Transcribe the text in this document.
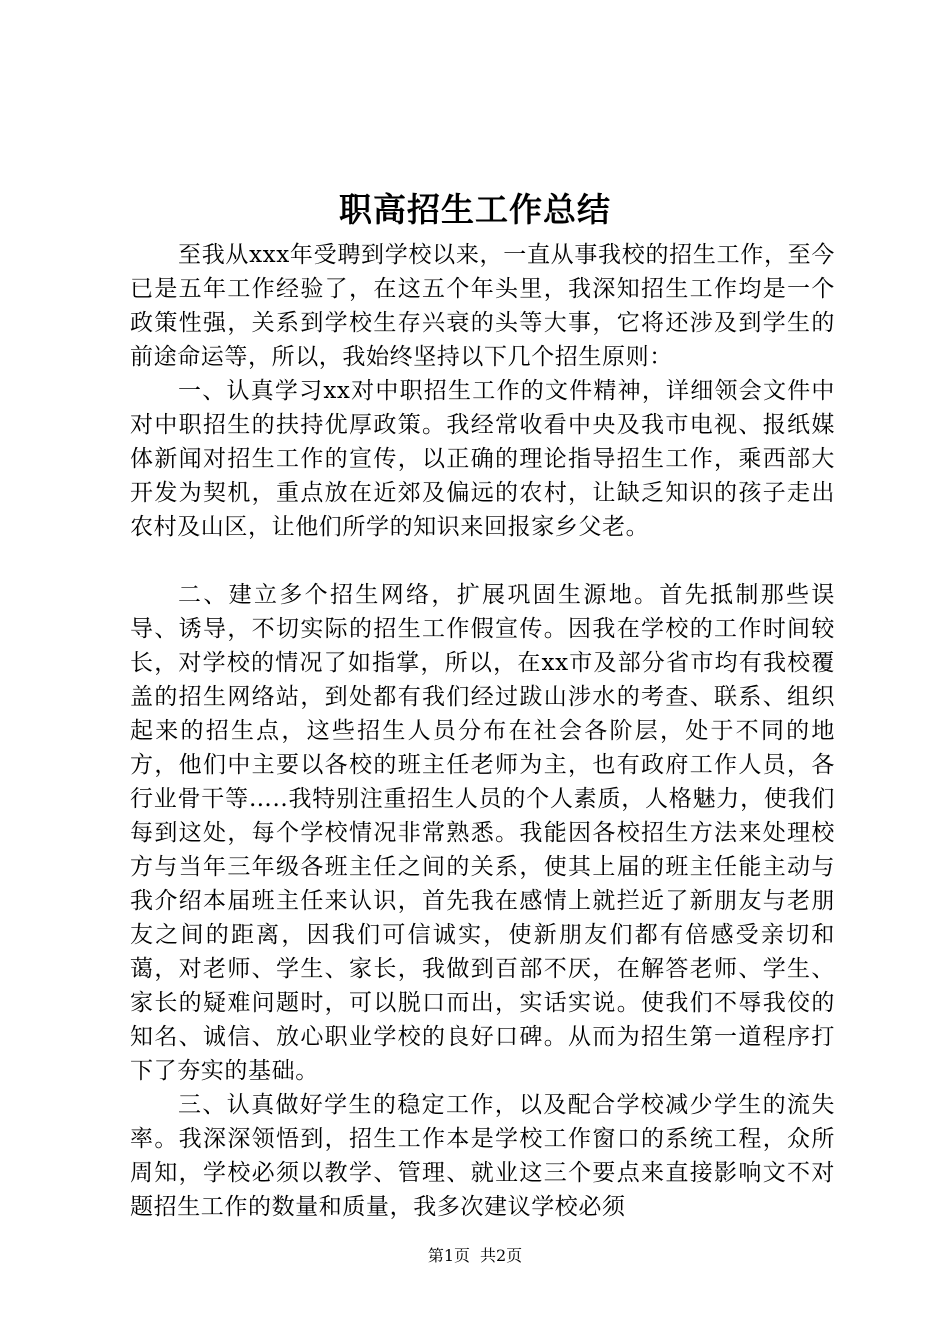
职高招生工作总结

至我从xxx年受聘到学校以来，一直从事我校的招生工作，至今已是五年工作经验了，在这五个年头里，我深知招生工作均是一个政策性强，关系到学校生存兴衰的头等大事，它将还涉及到学生的前途命运等，所以，我始终坚持以下几个招生原则：

一、认真学习xx对中职招生工作的文件精神，详细领会文件中对中职招生的扶持优厚政策。我经常收看中央及我市电视、报纸媒体新闻对招生工作的宣传，以正确的理论指导招生工作，乘西部大开发为契机，重点放在近郊及偏远的农村，让缺乏知识的孩子走出农村及山区，让他们所学的知识来回报家乡父老。

二、建立多个招生网络，扩展巩固生源地。首先抵制那些误导、诱导，不切实际的招生工作假宣传。因我在学校的工作时间较长，对学校的情况了如指掌，所以，在xx市及部分省市均有我校覆盖的招生网络站，到处都有我们经过跋山涉水的考查、联系、组织起来的招生点，这些招生人员分布在社会各阶层，处于不同的地方，他们中主要以各校的班主任老师为主，也有政府工作人员，各行业骨干等…..我特别注重招生人员的个人素质，人格魅力，使我们每到这处，每个学校情况非常熟悉。我能因各校招生方法来处理校方与当年三年级各班主任之间的关系，使其上届的班主任能主动与我介绍本届班主任来认识，首先我在感情上就拦近了新朋友与老朋友之间的距离，因我们可信诚实，使新朋友们都有倍感受亲切和蔼，对老师、学生、家长，我做到百部不厌，在解答老师、学生、家长的疑难问题时，可以脱口而出，实话实说。使我们不辱我佼的知名、诚信、放心职业学校的良好口碑。从而为招生第一道程序打下了夯实的基础。

三、认真做好学生的稳定工作，以及配合学校减少学生的流失率。我深深领悟到，招生工作本是学校工作窗口的系统工程，众所周知，学校必须以教学、管理、就业这三个要点来直接影响文不对题招生工作的数量和质量，我多次建议学校必须

第1页 共2页
